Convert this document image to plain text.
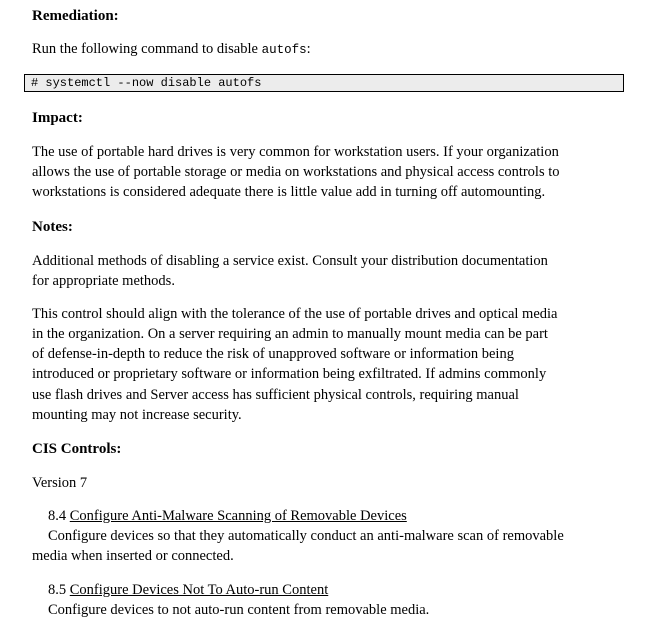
Remediation:
Run the following command to disable autofs:
# systemctl --now disable autofs
Impact:
The use of portable hard drives is very common for workstation users. If your organization
allows the use of portable storage or media on workstations and physical access controls to
workstations is considered adequate there is little value add in turning off automounting.
Notes:
Additional methods of disabling a service exist. Consult your distribution documentation
for appropriate methods.
This control should align with the tolerance of the use of portable drives and optical media
in the organization. On a server requiring an admin to manually mount media can be part
of defense-in-depth to reduce the risk of unapproved software or information being
introduced or proprietary software or information being exfiltrated. If admins commonly
use flash drives and Server access has sufficient physical controls, requiring manual
mounting may not increase security.
CIS Controls:
Version 7
8.4 Configure Anti-Malware Scanning of Removable Devices
Configure devices so that they automatically conduct an anti-malware scan of removable
media when inserted or connected.
8.5 Configure Devices Not To Auto-run Content
Configure devices to not auto-run content from removable media.
